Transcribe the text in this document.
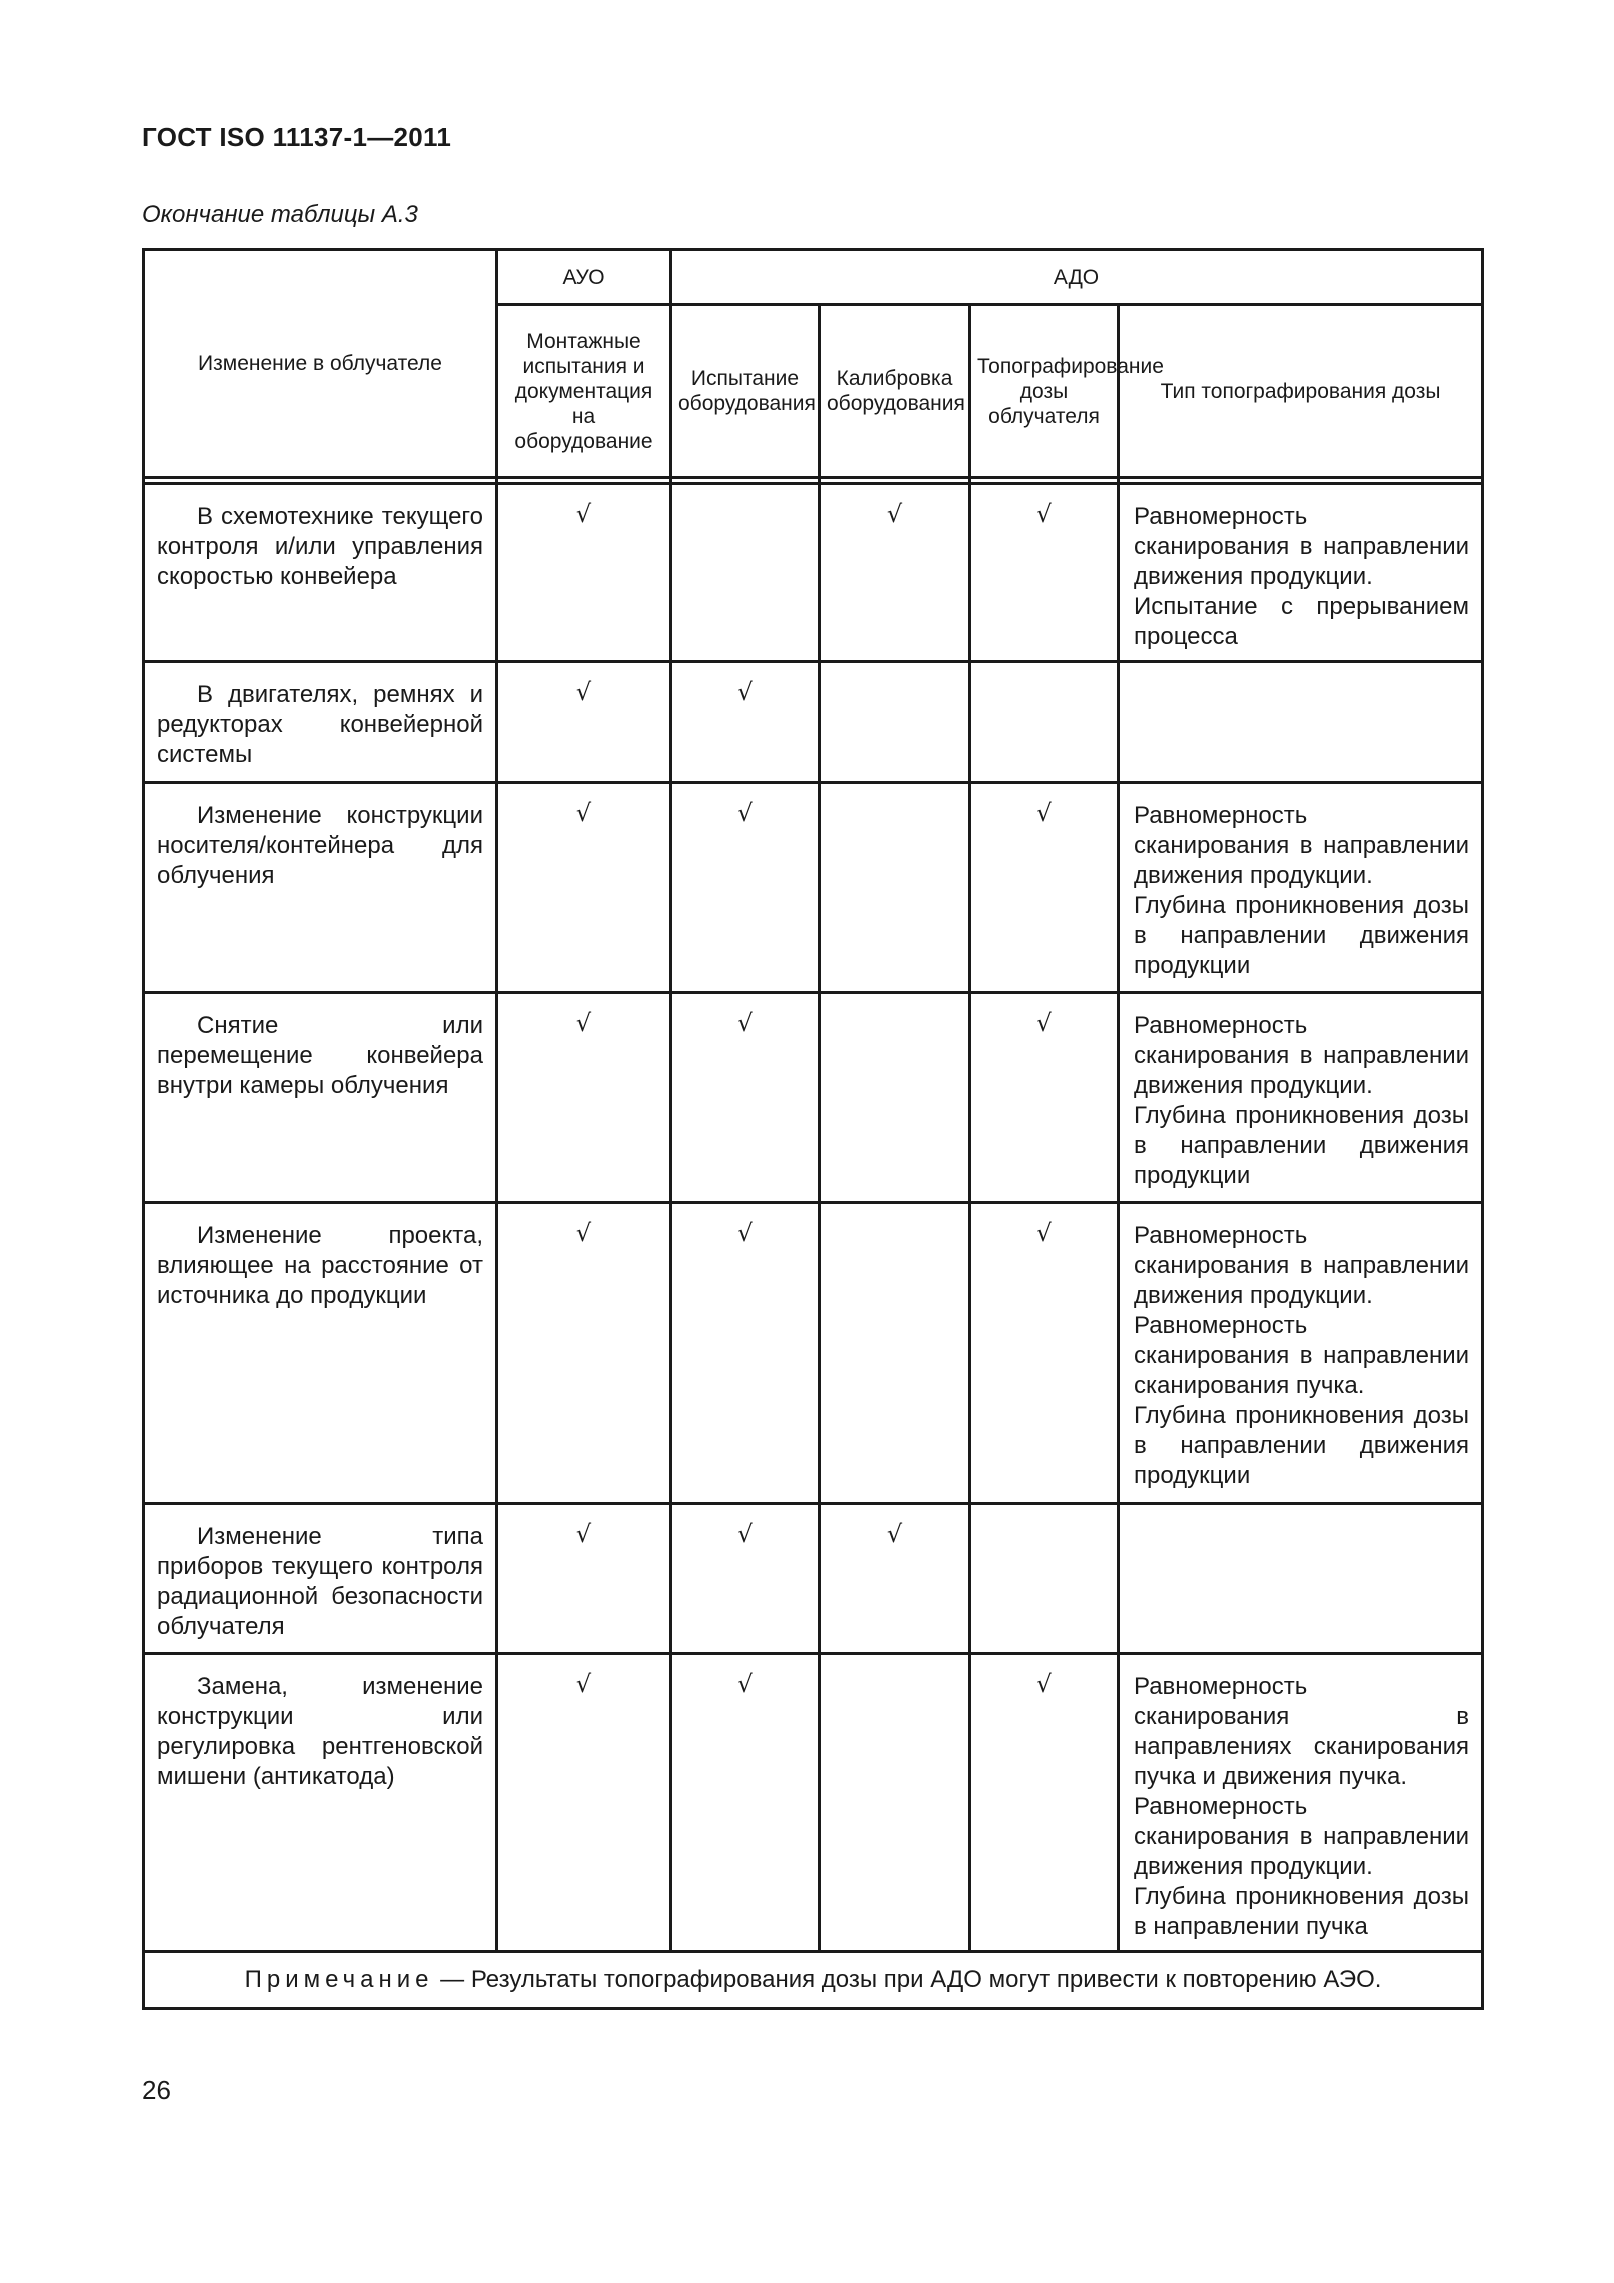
ГОСТ ISO 11137-1—2011
Окончание таблицы А.3
Изменение в облучателе	АУО	АДО			
	Монтажные испытания и документация на оборудование	Испытание оборудования	Калибровка оборудования	Топографирование дозы облучателя	Тип топографирования дозы

В схемотехнике текущего контроля и/или управления скоростью конвейера	√		√	√	Равномерность сканирования в направлении движения продукции.

Испытание с прерыванием процесса

В двигателях, ремнях и редукторах конвейерной системы	√	√			
Изменение конструкции носителя/контейнера для облучения	√	√		√	Равномерность сканирования в направлении движения продукции.

Глубина проникновения дозы в направлении движения продукции

Снятие или перемещение конвейера внутри камеры облучения	√	√		√	Равномерность сканирования в направлении движения продукции.

Глубина проникновения дозы в направлении движения продукции

Изменение проекта, влияющее на расстояние от источника до продукции	√	√		√	Равномерность сканирования в направлении движения продукции.

Равномерность сканирования в направлении сканирования пучка.

Глубина проникновения дозы в направлении движения продукции

Изменение типа приборов текущего контроля радиационной безопасности облучателя	√	√	√		
Замена, изменение конструкции или регулировка рентгеновской мишени (антикатода)	√	√		√	Равномерность сканирования в направлениях сканирования пучка и движения пучка.

Равномерность сканирования в направлении движения продукции.

Глубина проникновения дозы в направлении пучка

Примечание — Результаты топографирования дозы при АДО могут привести к повторению АЭО.					
26
